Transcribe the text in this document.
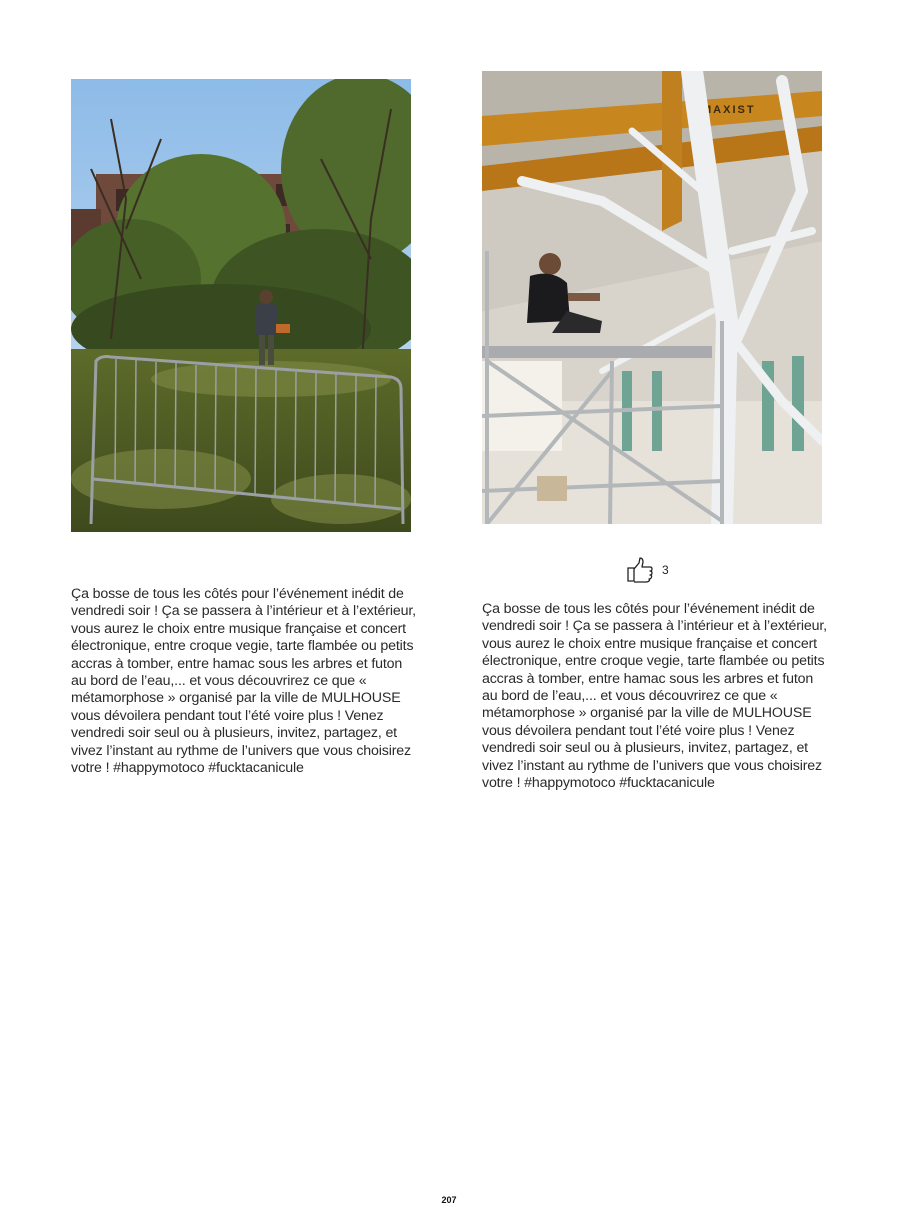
Ça bosse de tous les côtés pour l’événement inédit de vendredi soir ! Ça se passera à l’intérieur et à l’extérieur, vous aurez le choix entre musique française et concert électronique, entre croque vegie, tarte flambée ou petits accras à tomber, entre hamac sous les arbres et futon au bord de l’eau,... et vous découvrirez ce que « métamorphose » organisé par la ville de MULHOUSE vous dévoilera pendant tout l’été voire plus ! Venez vendredi soir seul ou à plusieurs, invitez, partagez, et vivez l’instant au rythme de l’univers que vous choisirez votre ! #happymotoco #fucktacanicule

MAXIST
3

Ça bosse de tous les côtés pour l’événement inédit de vendredi soir ! Ça se passera à l’intérieur et à l’extérieur, vous aurez le choix entre musique française et concert électronique, entre croque vegie, tarte flambée ou petits accras à tomber, entre hamac sous les arbres et futon au bord de l’eau,... et vous découvrirez ce que « métamorphose » organisé par la ville de MULHOUSE vous dévoilera pendant tout l’été voire plus ! Venez vendredi soir seul ou à plusieurs, invitez, partagez, et vivez l’instant au rythme de l’univers que vous choisirez votre ! #happymotoco #fucktacanicule

207
